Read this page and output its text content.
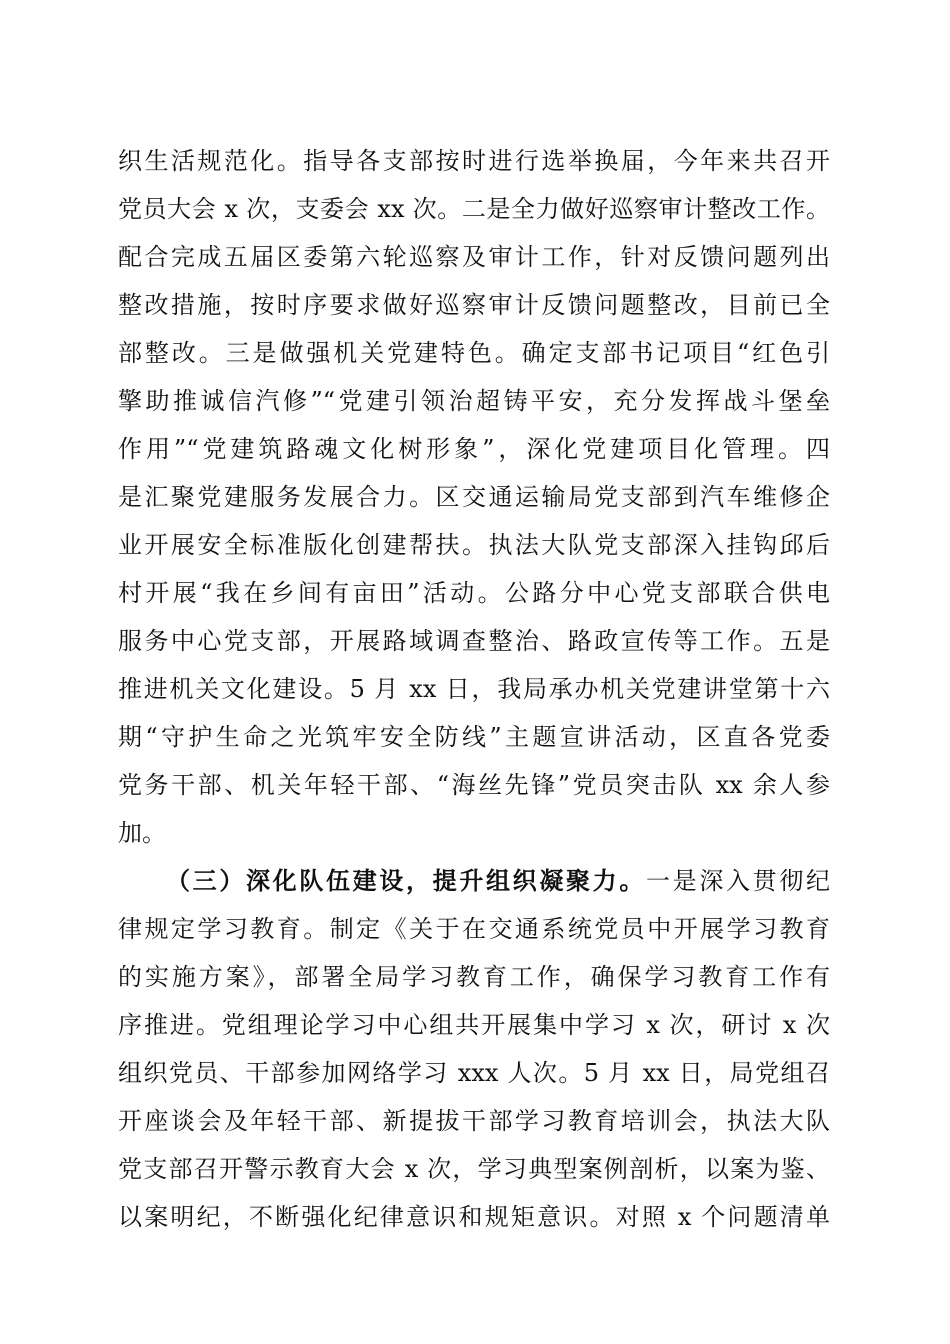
织生活规范化。指导各支部按时进行选举换届，今年来共召开
党员大会 x 次，支委会 xx 次。二是全力做好巡察审计整改工作。
配合完成五届区委第六轮巡察及审计工作，针对反馈问题列出
整改措施，按时序要求做好巡察审计反馈问题整改，目前已全
部整改。三是做强机关党建特色。确定支部书记项目“红色引
擎助推诚信汽修”“党建引领治超铸平安，充分发挥战斗堡垒
作用”“党建筑路魂文化树形象”，深化党建项目化管理。四
是汇聚党建服务发展合力。区交通运输局党支部到汽车维修企
业开展安全标准版化创建帮扶。执法大队党支部深入挂钩邱后
村开展“我在乡间有亩田”活动。公路分中心党支部联合供电
服务中心党支部，开展路域调查整治、路政宣传等工作。五是
推进机关文化建设。5 月 xx 日，我局承办机关党建讲堂第十六
期“守护生命之光筑牢安全防线”主题宣讲活动，区直各党委
党务干部、机关年轻干部、“海丝先锋”党员突击队 xx 余人参
加。
（三）深化队伍建设，提升组织凝聚力。一是深入贯彻纪
律规定学习教育。制定《关于在交通系统党员中开展学习教育
的实施方案》，部署全局学习教育工作，确保学习教育工作有
序推进。党组理论学习中心组共开展集中学习 x 次，研讨 x 次
组织党员、干部参加网络学习 xxx 人次。5 月 xx 日，局党组召
开座谈会及年轻干部、新提拔干部学习教育培训会，执法大队
党支部召开警示教育大会 x 次，学习典型案例剖析，以案为鉴、
以案明纪，不断强化纪律意识和规矩意识。对照 x 个问题清单
